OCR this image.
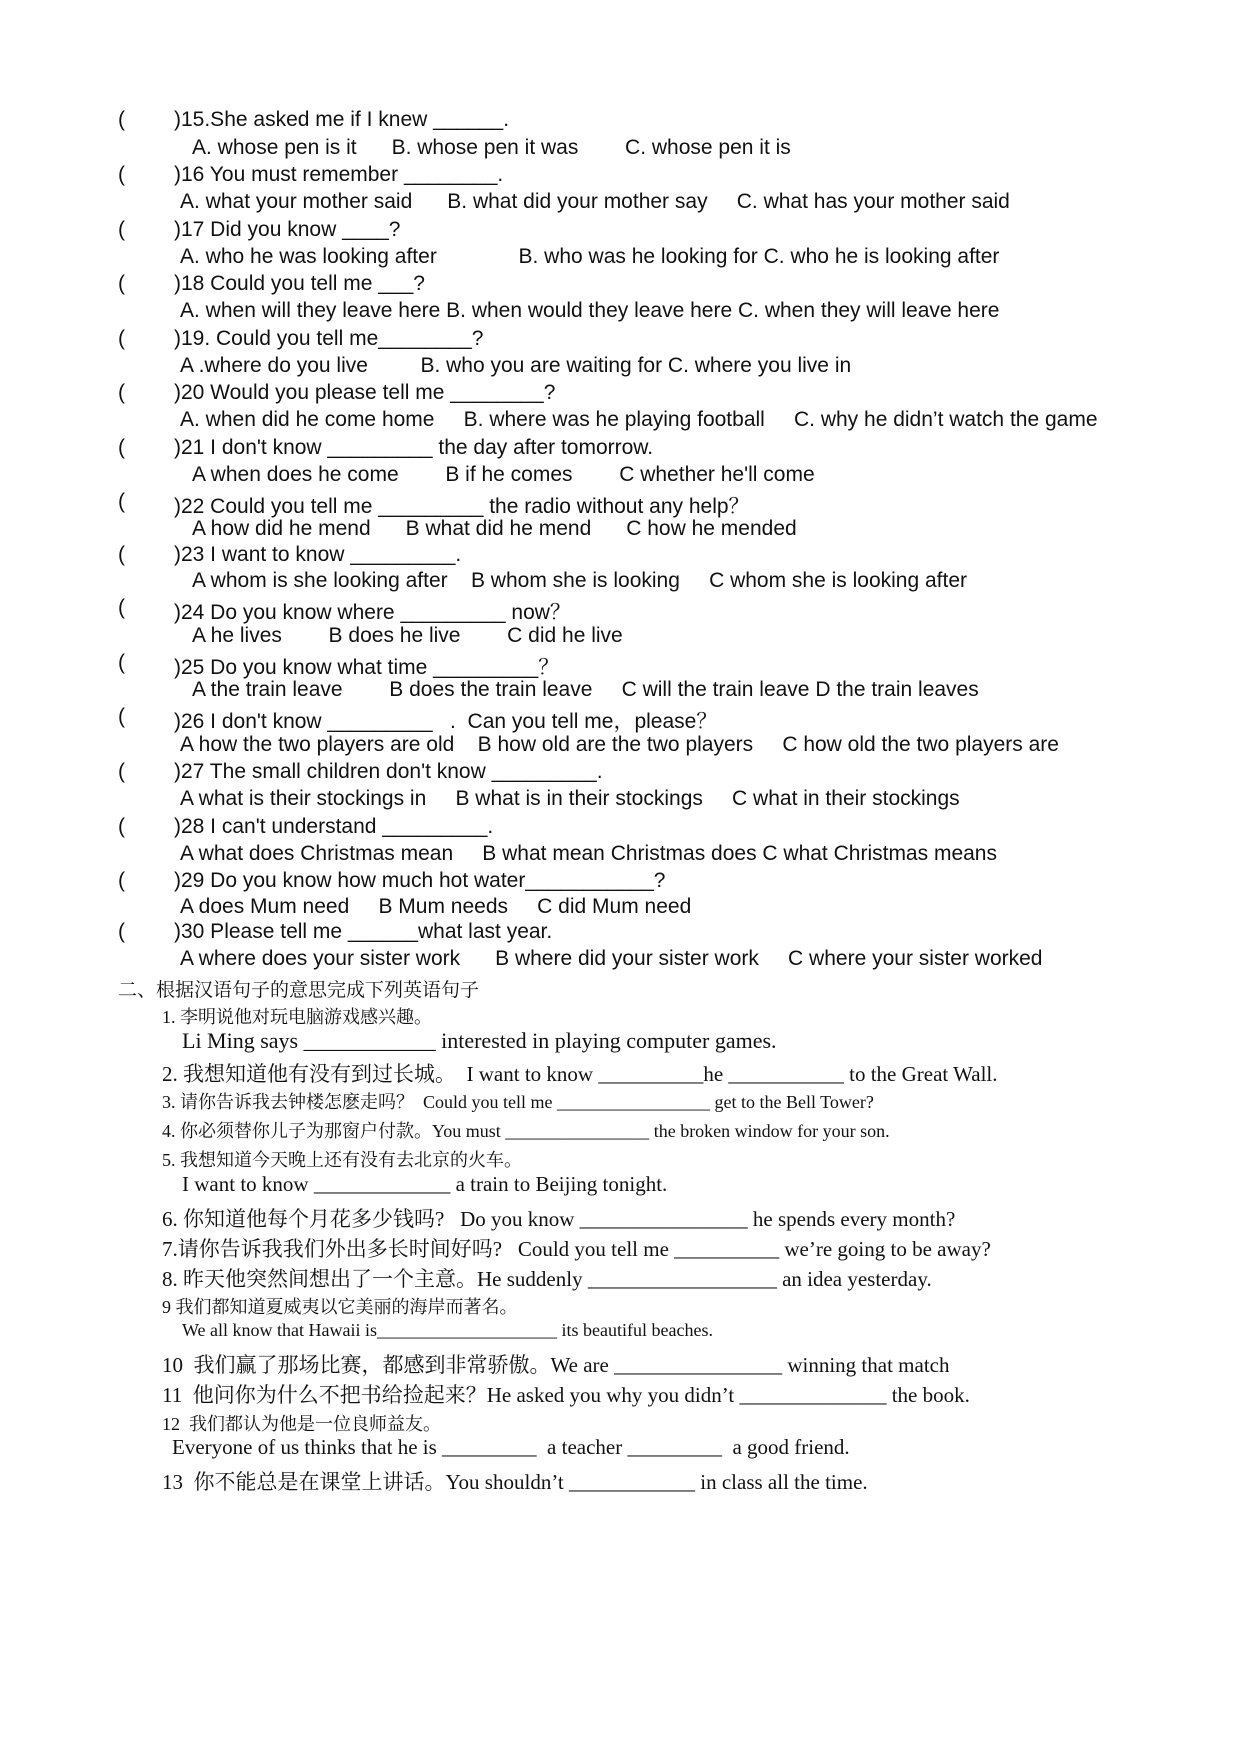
( )15.She asked me if I knew ______.
A. whose pen is it      B. whose pen it was        C. whose pen it is
( )16 You must remember ________.
A. what your mother said      B. what did your mother say     C. what has your mother said
( )17 Did you know ____?
A. who he was looking after              B. who was he looking for C. who he is looking after
( )18 Could you tell me ___?
A. when will they leave here B. when would they leave here C. when they will leave here
( )19. Could you tell me________?
A .where do you live         B. who you are waiting for C. where you live in
( )20 Would you please tell me ________?
A. when did he come home     B. where was he playing football     C. why he didn’t watch the game
( )21 I don't know _________ the day after tomorrow.
A when does he come        B if he comes        C whether he'll come
( )22 Could you tell me _________ the radio without any help？
A how did he mend      B what did he mend      C how he mended
( )23 I want to know _________.
A whom is she looking after    B whom she is looking     C whom she is looking after
( )24 Do you know where _________ now？
A he lives        B does he live        C did he live
( )25 Do you know what time _________？
A the train leave        B does the train leave     C will the train leave D the train leaves
( )26 I don't know _________   .  Can you tell me，please？
A how the two players are old    B how old are the two players     C how old the two players are
( )27 The small children don't know _________.
A what is their stockings in     B what is in their stockings     C what in their stockings
( )28 I can't understand _________.
A what does Christmas mean     B what mean Christmas does C what Christmas means
( )29 Do you know how much hot water___________?
A does Mum need     B Mum needs     C did Mum need
( )30 Please tell me ______what last year.
A where does your sister work      B where did your sister work     C where your sister worked
二、根据汉语句子的意思完成下列英语句子
1. 李明说他对玩电脑游戏感兴趣。
Li Ming says ____________ interested in playing computer games.
2. 我想知道他有没有到过长城。  I want to know __________he ___________ to the Great Wall.
3. 请你告诉我去钟楼怎麽走吗？  Could you tell me _________________ get to the Bell Tower?
4. 你必须替你儿子为那窗户付款。You must ________________ the broken window for your son.
5. 我想知道今天晚上还有没有去北京的火车。
I want to know _____________ a train to Beijing tonight.
6. 你知道他每个月花多少钱吗?   Do you know ________________ he spends every month?
7.请你告诉我我们外出多长时间好吗?   Could you tell me __________ we’re going to be away?
8. 昨天他突然间想出了一个主意。He suddenly __________________ an idea yesterday.
9 我们都知道夏威夷以它美丽的海岸而著名。
We all know that Hawaii is____________________ its beautiful beaches.
10  我们赢了那场比赛，都感到非常骄傲。We are ________________ winning that match
11  他问你为什么不把书给捡起来？He asked you why you didn’t ______________ the book.
12  我们都认为他是一位良师益友。
Everyone of us thinks that he is _________  a teacher _________  a good friend.
13  你不能总是在课堂上讲话。You shouldn’t ____________ in class all the time.
